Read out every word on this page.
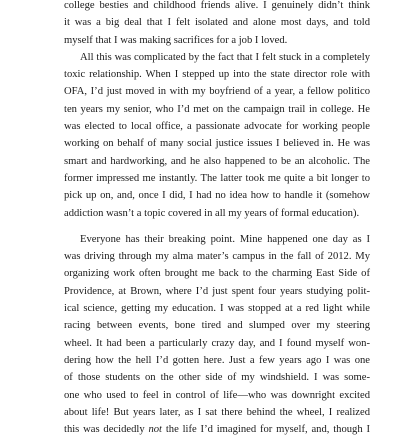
college besties and childhood friends alive. I genuinely didn’t think
it was a big deal that I felt isolated and alone most days, and told
myself that I was making sacrifices for a job I loved.
All this was complicated by the fact that I felt stuck in a completely
toxic relationship. When I stepped up into the state director role with
OFA, I’d just moved in with my boyfriend of a year, a fellow politico
ten years my senior, who I’d met on the campaign trail in college. He
was elected to local office, a passionate advocate for working people
working on behalf of many social justice issues I believed in. He was
smart and hardworking, and he also happened to be an alcoholic. The
former impressed me instantly. The latter took me quite a bit longer to
pick up on, and, once I did, I had no idea how to handle it (somehow
addiction wasn’t a topic covered in all my years of formal education).
Everyone has their breaking point. Mine happened one day as I
was driving through my alma mater’s campus in the fall of 2012. My
organizing work often brought me back to the charming East Side of
Providence, at Brown, where I’d just spent four years studying polit-
ical science, getting my education. I was stopped at a red light while
racing between events, bone tired and slumped over my steering
wheel. It had been a particularly crazy day, and I found myself won-
dering how the hell I’d gotten here. Just a few years ago I was one
of those students on the other side of my windshield. I was some-
one who used to feel in control of life—who was downright excited
about life! But years later, as I sat there behind the wheel, I realized
this was decidedly not the life I’d imagined for myself, and, though I
